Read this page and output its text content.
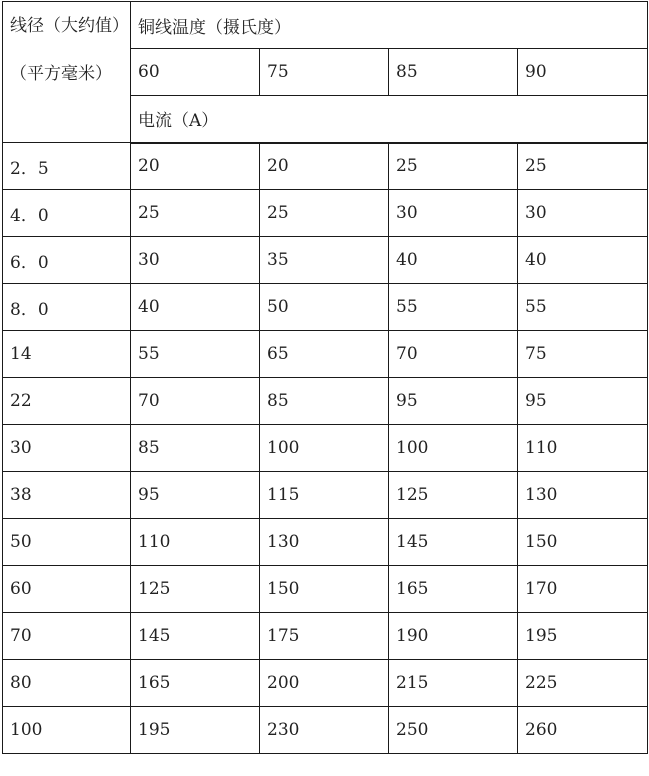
线径（大约值）（平方毫米）	铜线温度（摄氏度）			
	60	75	85	90
	电流（A）			
2．5	20	20	25	25
4．0	25	25	30	30
6．0	30	35	40	40
8．0	40	50	55	55
14	55	65	70	75
22	70	85	95	95
30	85	100	100	110
38	95	115	125	130
50	110	130	145	150
60	125	150	165	170
70	145	175	190	195
80	165	200	215	225
100	195	230	250	260
